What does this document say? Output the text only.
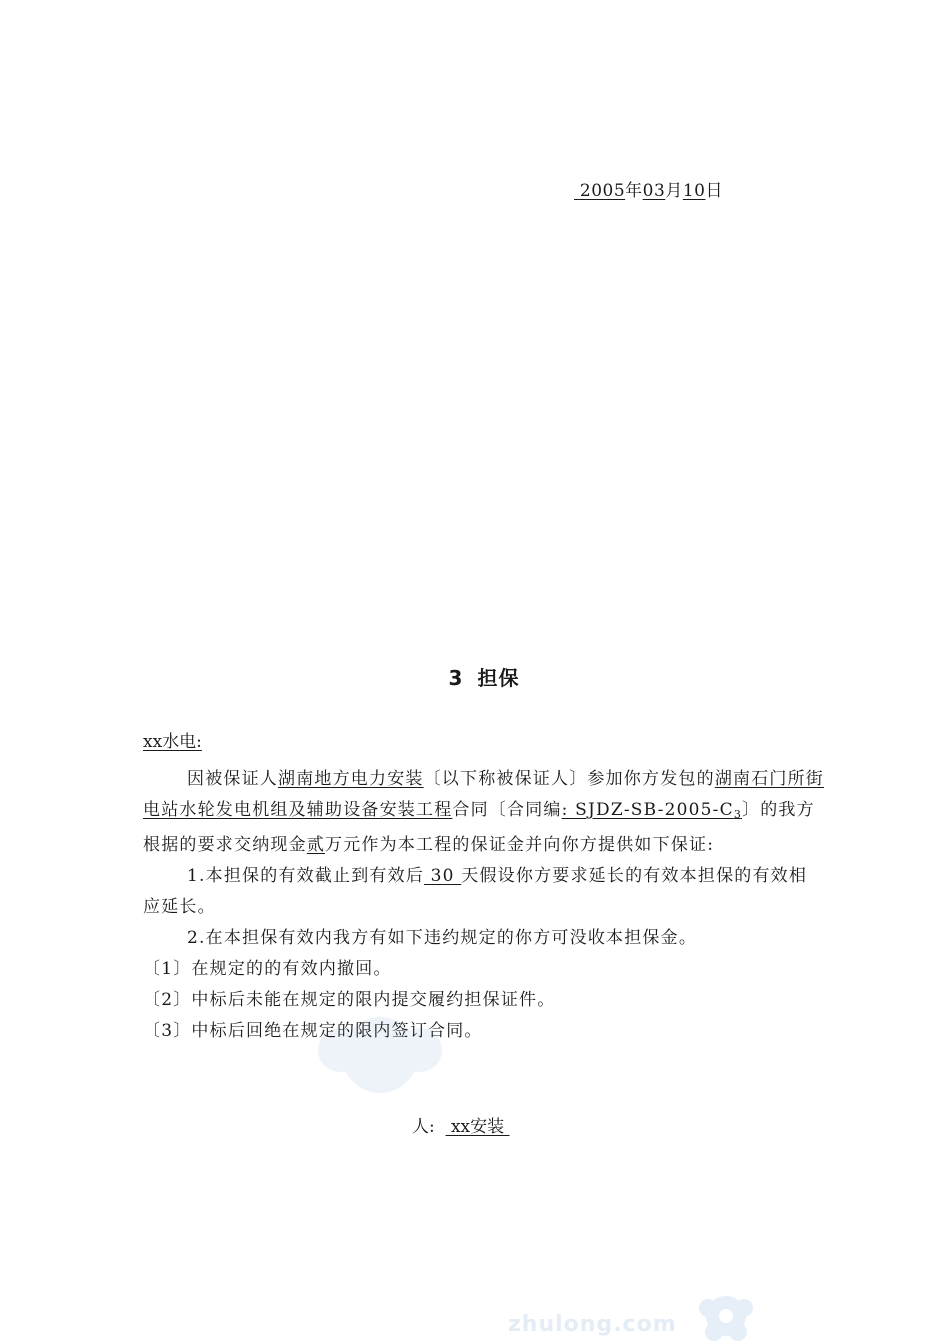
2005年03月10日
3 担保
xx水电:

因被保证人湖南地方电力安装〔以下称被保证人〕参加你方发包的湖南石门所街电站水轮发电机组及辅助设备安装工程合同〔合同编: SJDZ-$SB-2005-C_3$〕的我方根据的要求交纳现金贰万元作为本工程的保证金并向你方提供如下保证:

1.本担保的有效截止到有效后 30 天假设你方要求延长的有效本担保的有效相应延长。

2.在本担保有效内我方有如下违约规定的你方可没收本担保金。

〔1〕在规定的的有效内撤回。

〔2〕中标后未能在规定的限内提交履约担保证件。

〔3〕中标后回绝在规定的限内签订合同。

人:   xx安装
zhulong.com
